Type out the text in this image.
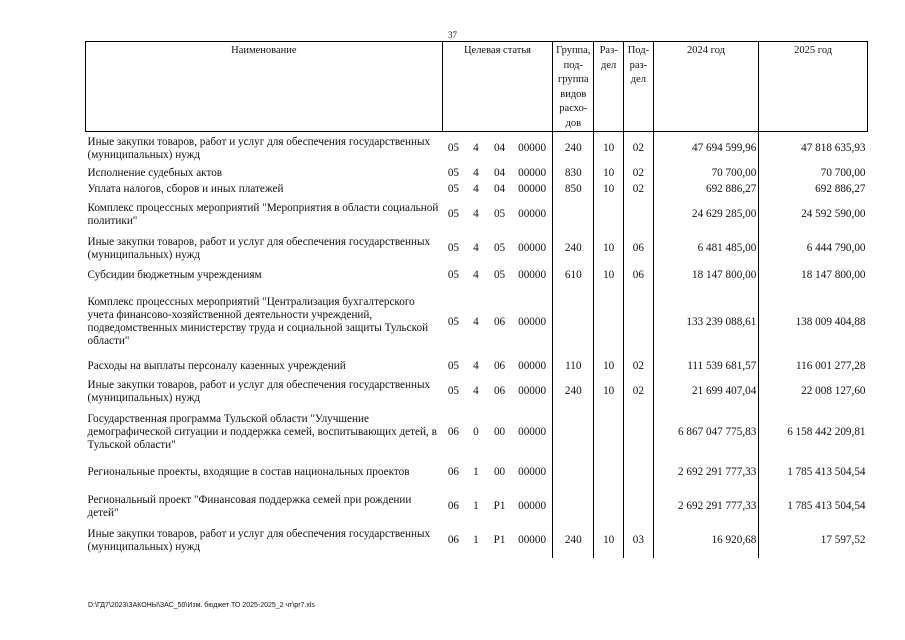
37
Наименование	Целевая статья				Группа, под-группа видов расхо-дов	Раз-дел	Под-раз-дел	2024 год	2025 год
Иные закупки товаров, работ и услуг для обеспечения государственных (муниципальных) нужд	05	4	04	00000	240	10	02	47 694 599,96	47 818 635,93
Исполнение судебных актов	05	4	04	00000	830	10	02	70 700,00	70 700,00
Уплата налогов, сборов и иных платежей	05	4	04	00000	850	10	02	692 886,27	692 886,27
Комплекс процессных мероприятий "Мероприятия в области социальной политики"	05	4	05	00000				24 629 285,00	24 592 590,00
Иные закупки товаров, работ и услуг для обеспечения государственных (муниципальных) нужд	05	4	05	00000	240	10	06	6 481 485,00	6 444 790,00
Субсидии бюджетным учреждениям	05	4	05	00000	610	10	06	18 147 800,00	18 147 800,00
Комплекс процессных мероприятий "Централизация бухгалтерского учета финансово-хозяйственной деятельности учреждений, подведомственных министерству труда и социальной защиты Тульской области"	05	4	06	00000				133 239 088,61	138 009 404,88
Расходы на выплаты персоналу казенных учреждений	05	4	06	00000	110	10	02	111 539 681,57	116 001 277,28
Иные закупки товаров, работ и услуг для обеспечения государственных (муниципальных) нужд	05	4	06	00000	240	10	02	21 699 407,04	22 008 127,60
Государственная программа Тульской области "Улучшение демографической ситуации и поддержка семей, воспитывающих детей, в Тульской области"	06	0	00	00000				6 867 047 775,83	6 158 442 209,81
Региональные проекты, входящие в состав национальных проектов	06	1	00	00000				2 692 291 777,33	1 785 413 504,54
Региональный проект "Финансовая поддержка семей при рождении детей"	06	1	P1	00000				2 692 291 777,33	1 785 413 504,54
Иные закупки товаров, работ и услуг для обеспечения государственных (муниципальных) нужд	06	1	P1	00000	240	10	03	16 920,68	17 597,52
D:\ГД7\2023\ЗАКОНЫ\ЗАС_50\Изм. бюджет ТО 2025-2025_2 чт\pr7.xls
